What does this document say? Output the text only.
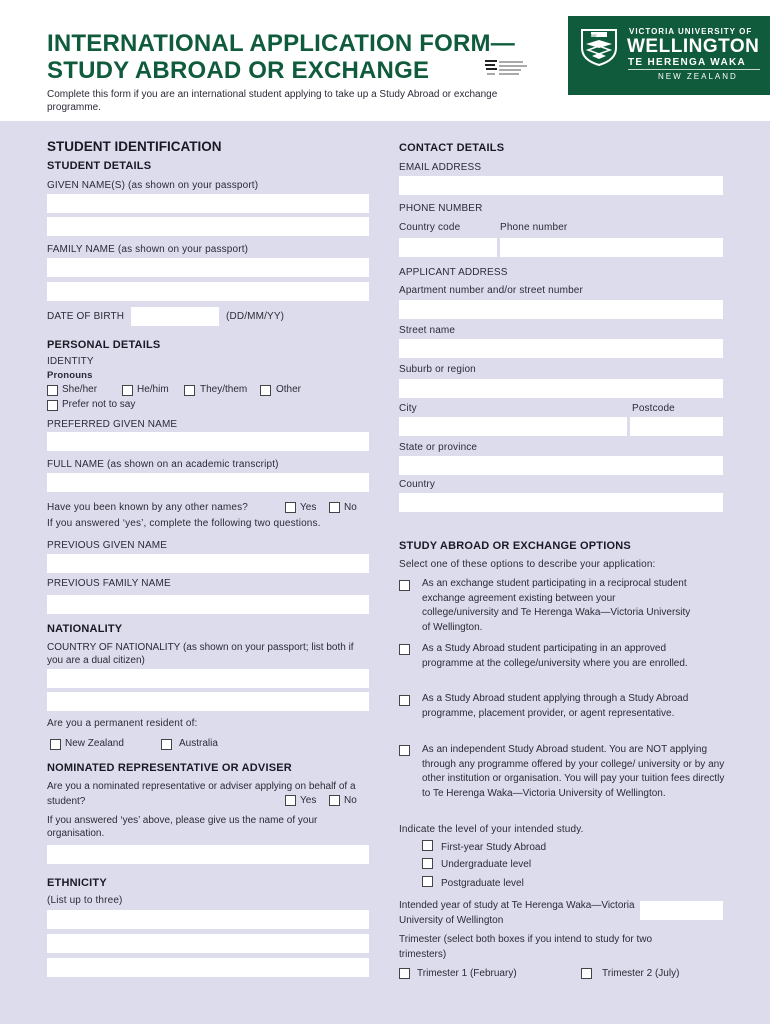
INTERNATIONAL APPLICATION FORM—
STUDY ABROAD OR EXCHANGE
Complete this form if you are an international student applying to take up a Study Abroad or exchange programme.
1897	VICTORIA UNIVERSITY OF
WELLINGTON
TE HERENGA WAKA
NEW ZEALAND
STUDENT IDENTIFICATION
STUDENT DETAILS
GIVEN NAME(S) (as shown on your passport)
FAMILY NAME (as shown on your passport)
DATE OF BIRTH	(DD/MM/YY)
PERSONAL DETAILS
IDENTITY
Pronouns
She/her	He/him	They/them	Other
Prefer not to say
PREFERRED GIVEN NAME
FULL NAME (as shown on an academic transcript)
Have you been known by any other names?	Yes	No
If you answered ‘yes’, complete the following two questions.
PREVIOUS GIVEN NAME
PREVIOUS FAMILY NAME
NATIONALITY
COUNTRY OF NATIONALITY (as shown on your passport; list both if you are a dual citizen)
Are you a permanent resident of:
New Zealand	Australia
NOMINATED REPRESENTATIVE OR ADVISER
Are you a nominated representative or adviser applying on behalf of a student?	Yes	No
If you answered ‘yes’ above, please give us the name of your organisation.
ETHNICITY
(List up to three)
CONTACT DETAILS
EMAIL ADDRESS
PHONE NUMBER
Country code	Phone number
APPLICANT ADDRESS
Apartment number and/or street number
Street name
Suburb or region
City	Postcode
State or province
Country
STUDY ABROAD OR EXCHANGE OPTIONS
Select one of these options to describe your application:
As an exchange student participating in a reciprocal student exchange agreement existing between your college/university and Te Herenga Waka—Victoria University of Wellington.
As a Study Abroad student participating in an approved programme at the college/university where you are enrolled.
As a Study Abroad student applying through a Study Abroad programme, placement provider, or agent representative.
As an independent Study Abroad student. You are NOT applying through any programme offered by your college/ university or by any other institution or organisation. You will pay your tuition fees directly to Te Herenga Waka—Victoria University of Wellington.
Indicate the level of your intended study.
First-year Study Abroad
Undergraduate level
Postgraduate level
Intended year of study at Te Herenga Waka—Victoria University of Wellington
Trimester (select both boxes if you intend to study for two trimesters)
Trimester 1 (February)	Trimester 2 (July)
